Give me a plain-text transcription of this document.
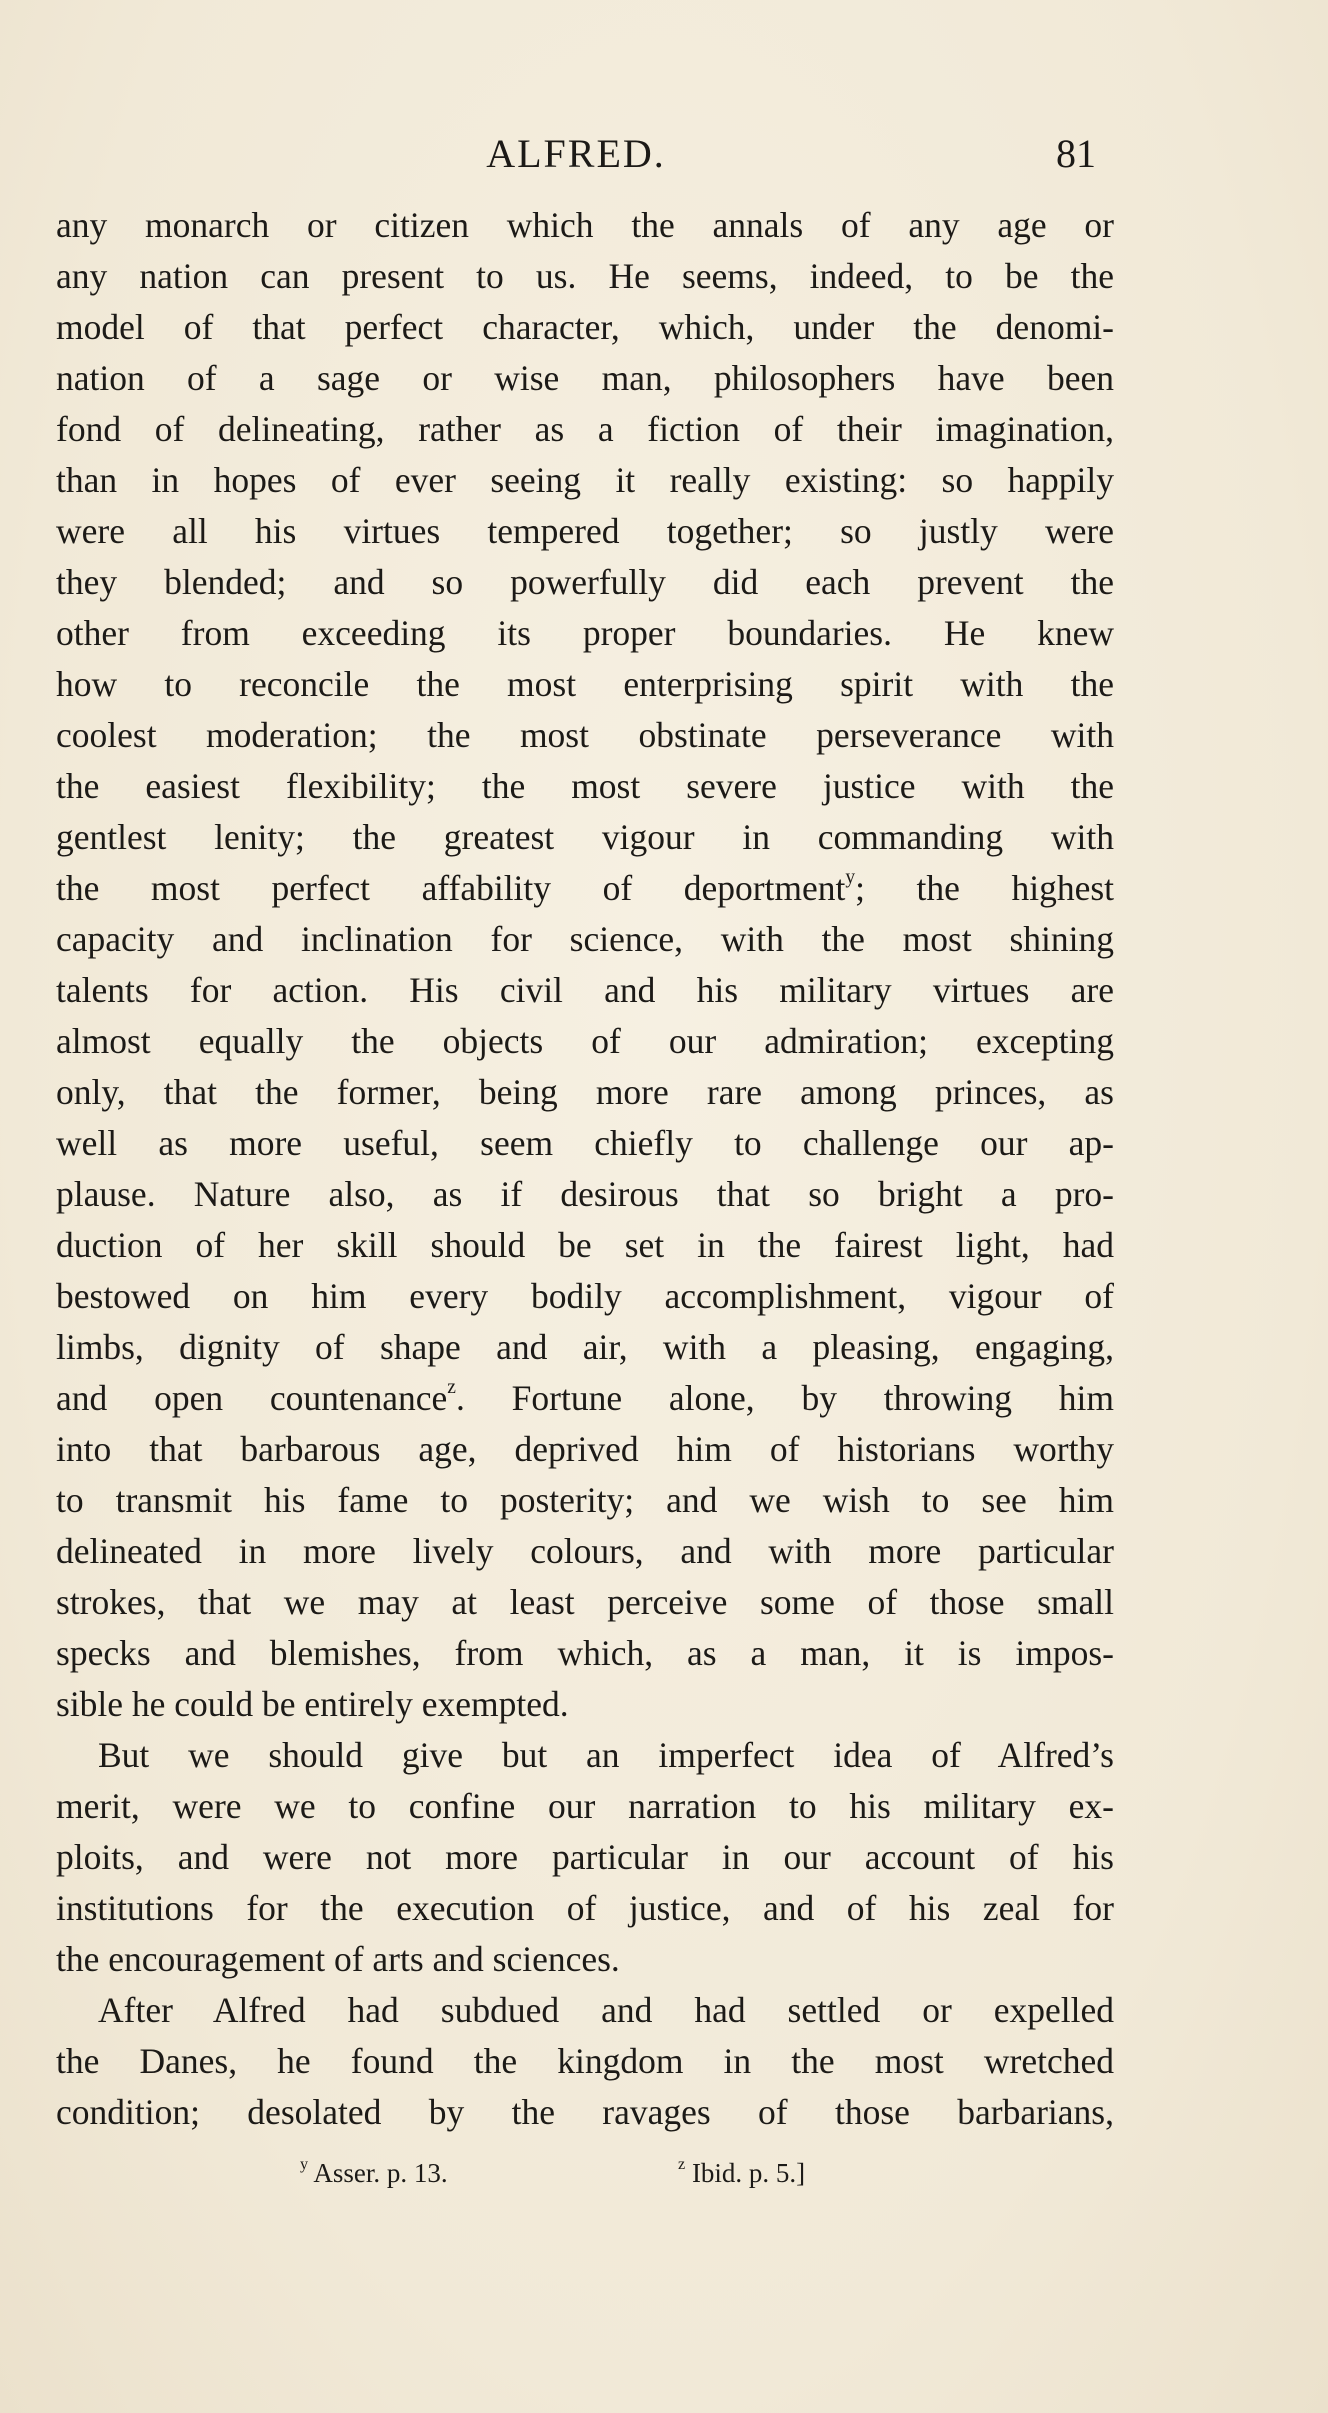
ALFRED.	81
any monarch or citizen which the annals of any age or
any nation can present to us. He seems, indeed, to be the
model of that perfect character, which, under the denomi-
nation of a sage or wise man, philosophers have been
fond of delineating, rather as a fiction of their imagination,
than in hopes of ever seeing it really existing: so happily
were all his virtues tempered together; so justly were
they blended; and so powerfully did each prevent the
other from exceeding its proper boundaries. He knew
how to reconcile the most enterprising spirit with the
coolest moderation; the most obstinate perseverance with
the easiest flexibility; the most severe justice with the
gentlest lenity; the greatest vigour in commanding with
the most perfect affability of deportment$^y$; the highest
capacity and inclination for science, with the most shining
talents for action. His civil and his military virtues are
almost equally the objects of our admiration; excepting
only, that the former, being more rare among princes, as
well as more useful, seem chiefly to challenge our ap-
plause. Nature also, as if desirous that so bright a pro-
duction of her skill should be set in the fairest light, had
bestowed on him every bodily accomplishment, vigour of
limbs, dignity of shape and air, with a pleasing, engaging,
and open countenance$^z$. Fortune alone, by throwing him
into that barbarous age, deprived him of historians worthy
to transmit his fame to posterity; and we wish to see him
delineated in more lively colours, and with more particular
strokes, that we may at least perceive some of those small
specks and blemishes, from which, as a man, it is impos-
sible he could be entirely exempted.
But we should give but an imperfect idea of Alfred’s
merit, were we to confine our narration to his military ex-
ploits, and were not more particular in our account of his
institutions for the execution of justice, and of his zeal for
the encouragement of arts and sciences.
After Alfred had subdued and had settled or expelled
the Danes, he found the kingdom in the most wretched
condition; desolated by the ravages of those barbarians,
$^y$ Asser. p. 13.	$^z$ Ibid. p. 5.]
